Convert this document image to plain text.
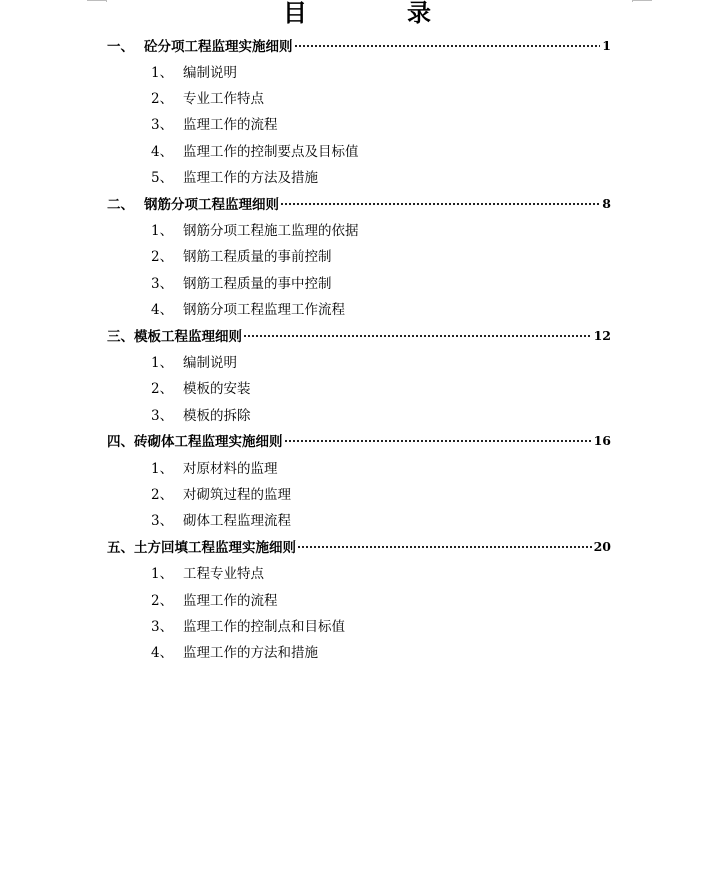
目　录
一、 砼分项工程监理实施细则	1
1、 编制说明
2、 专业工作特点
3、 监理工作的流程
4、 监理工作的控制要点及目标值
5、 监理工作的方法及措施
二、 钢筋分项工程监理细则	8
1、 钢筋分项工程施工监理的依据
2、 钢筋工程质量的事前控制
3、 钢筋工程质量的事中控制
4、 钢筋分项工程监理工作流程
三、 模板工程监理细则	12
1、 编制说明
2、 模板的安装
3、 模板的拆除
四、 砖砌体工程监理实施细则	16
1、 对原材料的监理
2、 对砌筑过程的监理
3、 砌体工程监理流程
五、 土方回填工程监理实施细则	20
1、 工程专业特点
2、 监理工作的流程
3、 监理工作的控制点和目标值
4、 监理工作的方法和措施
